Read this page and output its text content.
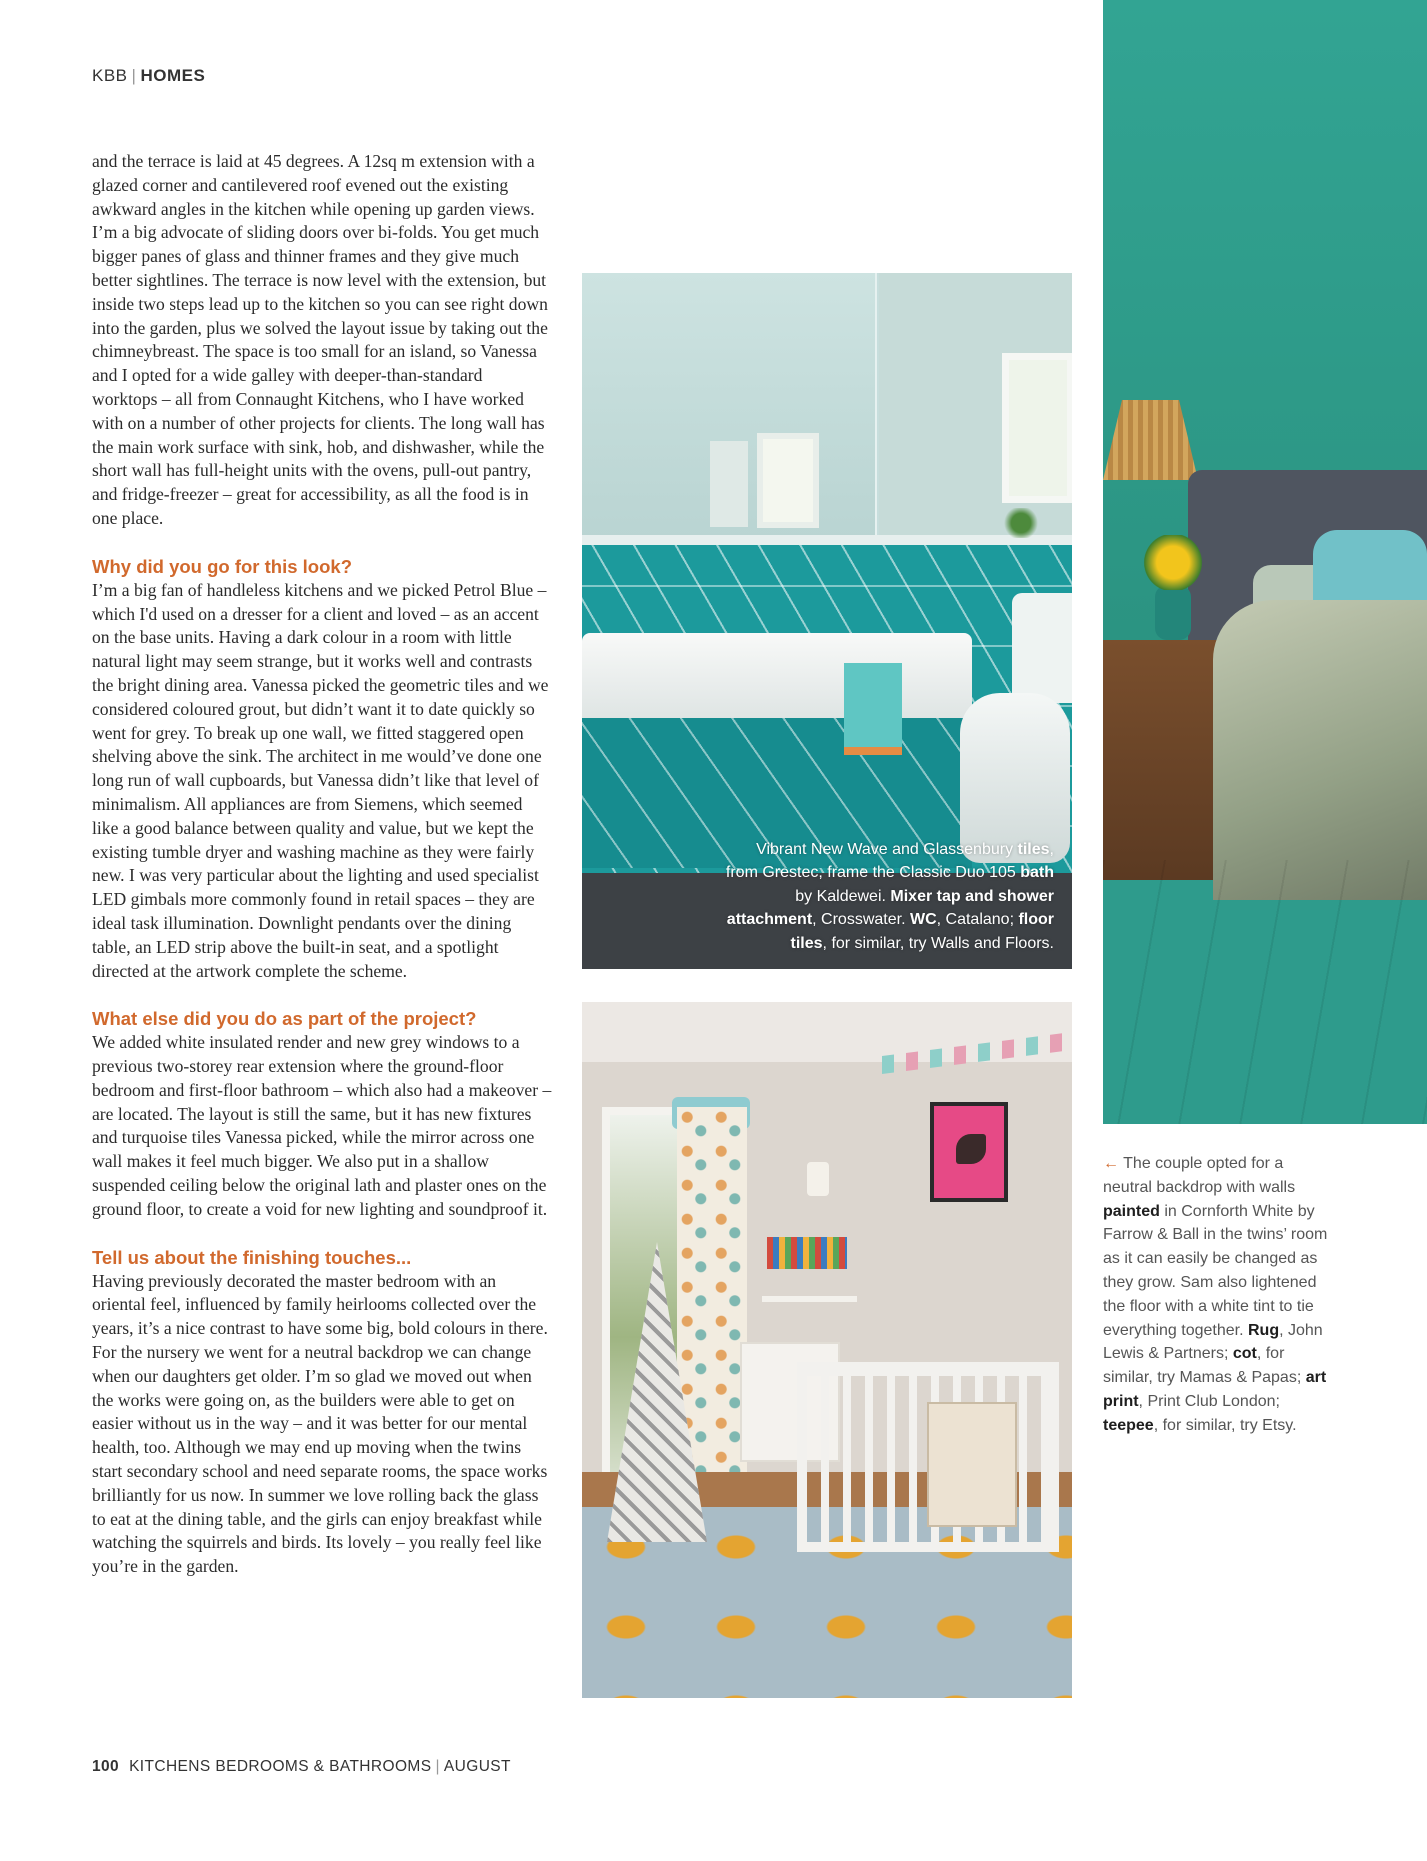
KBB | HOMES

and the terrace is laid at 45 degrees. A 12sq m extension with a glazed corner and cantilevered roof evened out the existing awkward angles in the kitchen while opening up garden views. I’m a big advocate of sliding doors over bi-folds. You get much bigger panes of glass and thinner frames and they give much better sightlines. The terrace is now level with the extension, but inside two steps lead up to the kitchen so you can see right down into the garden, plus we solved the layout issue by taking out the chimneybreast. The space is too small for an island, so Vanessa and I opted for a wide galley with deeper-than-standard worktops – all from Connaught Kitchens, who I have worked with on a number of other projects for clients. The long wall has the main work surface with sink, hob, and dishwasher, while the short wall has full-height units with the ovens, pull-out pantry, and fridge-freezer – great for accessibility, as all the food is in one place.

Why did you go for this look?

I’m a big fan of handleless kitchens and we picked Petrol Blue – which I'd used on a dresser for a client and loved – as an accent on the base units. Having a dark colour in a room with little natural light may seem strange, but it works well and contrasts the bright dining area. Vanessa picked the geometric tiles and we considered coloured grout, but didn’t want it to date quickly so went for grey. To break up one wall, we fitted staggered open shelving above the sink. The architect in me would’ve done one long run of wall cupboards, but Vanessa didn’t like that level of minimalism. All appliances are from Siemens, which seemed like a good balance between quality and value, but we kept the existing tumble dryer and washing machine as they were fairly new. I was very particular about the lighting and used specialist LED gimbals more commonly found in retail spaces – they are ideal task illumination. Downlight pendants over the dining table, an LED strip above the built-in seat, and a spotlight directed at the artwork complete the scheme.

What else did you do as part of the project?

We added white insulated render and new grey windows to a previous two-storey rear extension where the ground-floor bedroom and first-floor bathroom – which also had a makeover – are located. The layout is still the same, but it has new fixtures and turquoise tiles Vanessa picked, while the mirror across one wall makes it feel much bigger. We also put in a shallow suspended ceiling below the original lath and plaster ones on the ground floor, to create a void for new lighting and soundproof it.

Tell us about the finishing touches...

Having previously decorated the master bedroom with an oriental feel, influenced by family heirlooms collected over the years, it’s a nice contrast to have some big, bold colours in there. For the nursery we went for a neutral backdrop we can change when our daughters get older. I’m so glad we moved out when the works were going on, as the builders were able to get on easier without us in the way – and it was better for our mental health, too. Although we may end up moving when the twins start secondary school and need separate rooms, the space works brilliantly for us now. In summer we love rolling back the glass to eat at the dining table, and the girls can enjoy breakfast while watching the squirrels and birds. Its lovely – you really feel like you’re in the garden.

Vibrant New Wave and Glassenbury tiles, from Grestec, frame the Classic Duo 105 bath by Kaldewei. Mixer tap and shower attachment, Crosswater. WC, Catalano; floor tiles, for similar, try Walls and Floors.
← The couple opted for a neutral backdrop with walls painted in Cornforth White by Farrow & Ball in the twins’ room as it can easily be changed as they grow. Sam also lightened the floor with a white tint to tie everything together. Rug, John Lewis & Partners; cot, for similar, try Mamas & Papas; art print, Print Club London; teepee, for similar, try Etsy.
100 KITCHENS BEDROOMS & BATHROOMS | AUGUST
